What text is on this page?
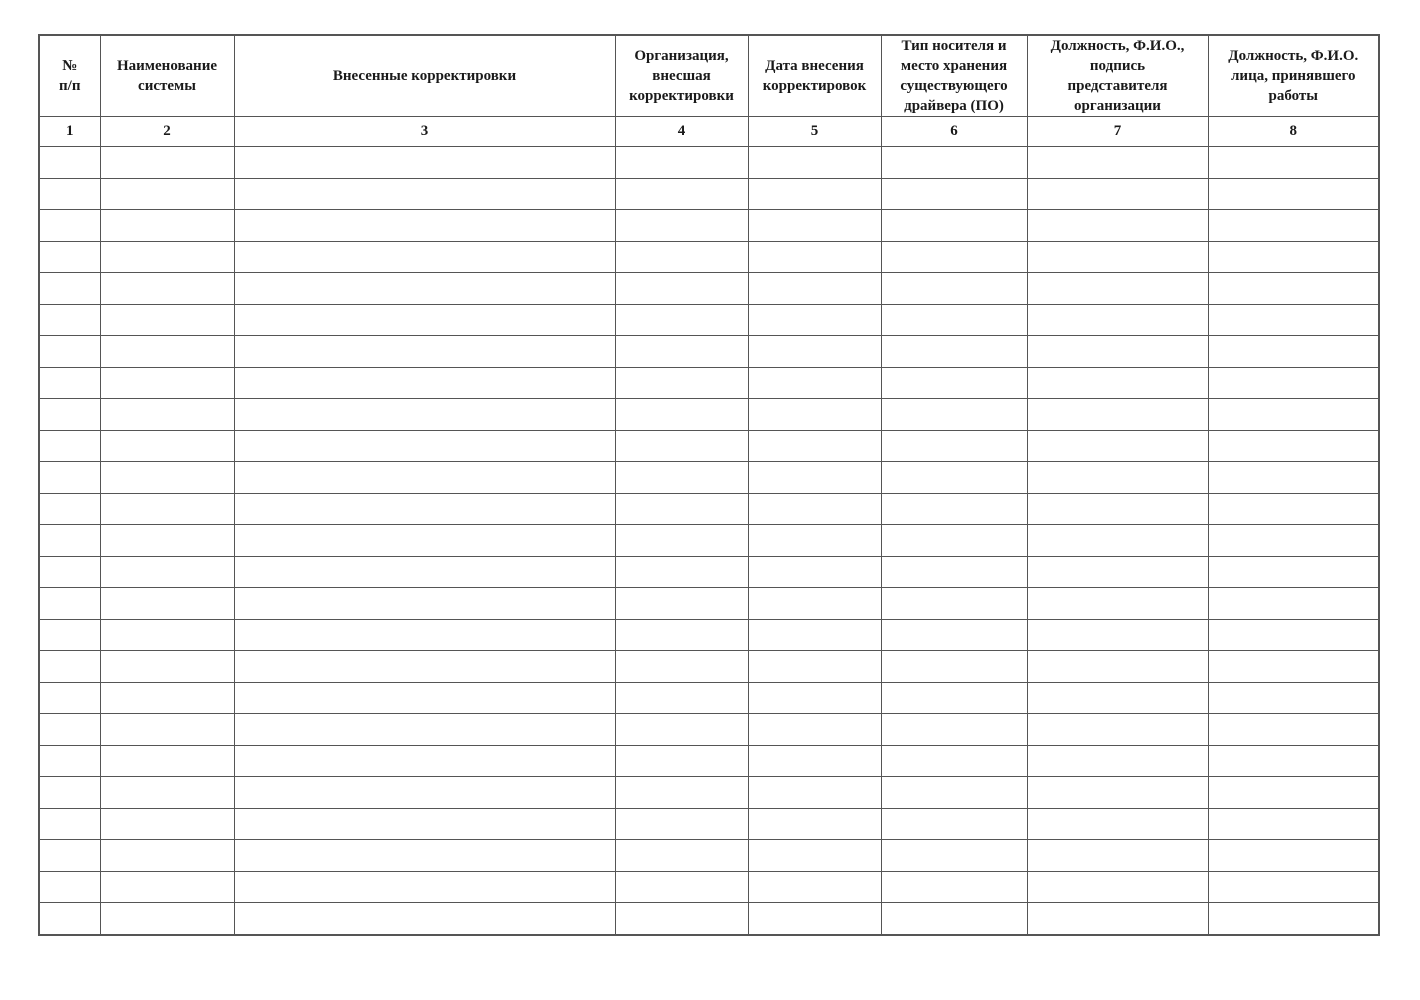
№
п/п	Наименование
системы	Внесенные корректировки	Организация,
внесшая
корректировки	Дата внесения
корректировок	Тип носителя и
место хранения
существующего
драйвера (ПО)	Должность, Ф.И.О.,
подпись
представителя
организации	Должность, Ф.И.О.
лица, принявшего
работы

1	2	3	4	5	6	7	8
